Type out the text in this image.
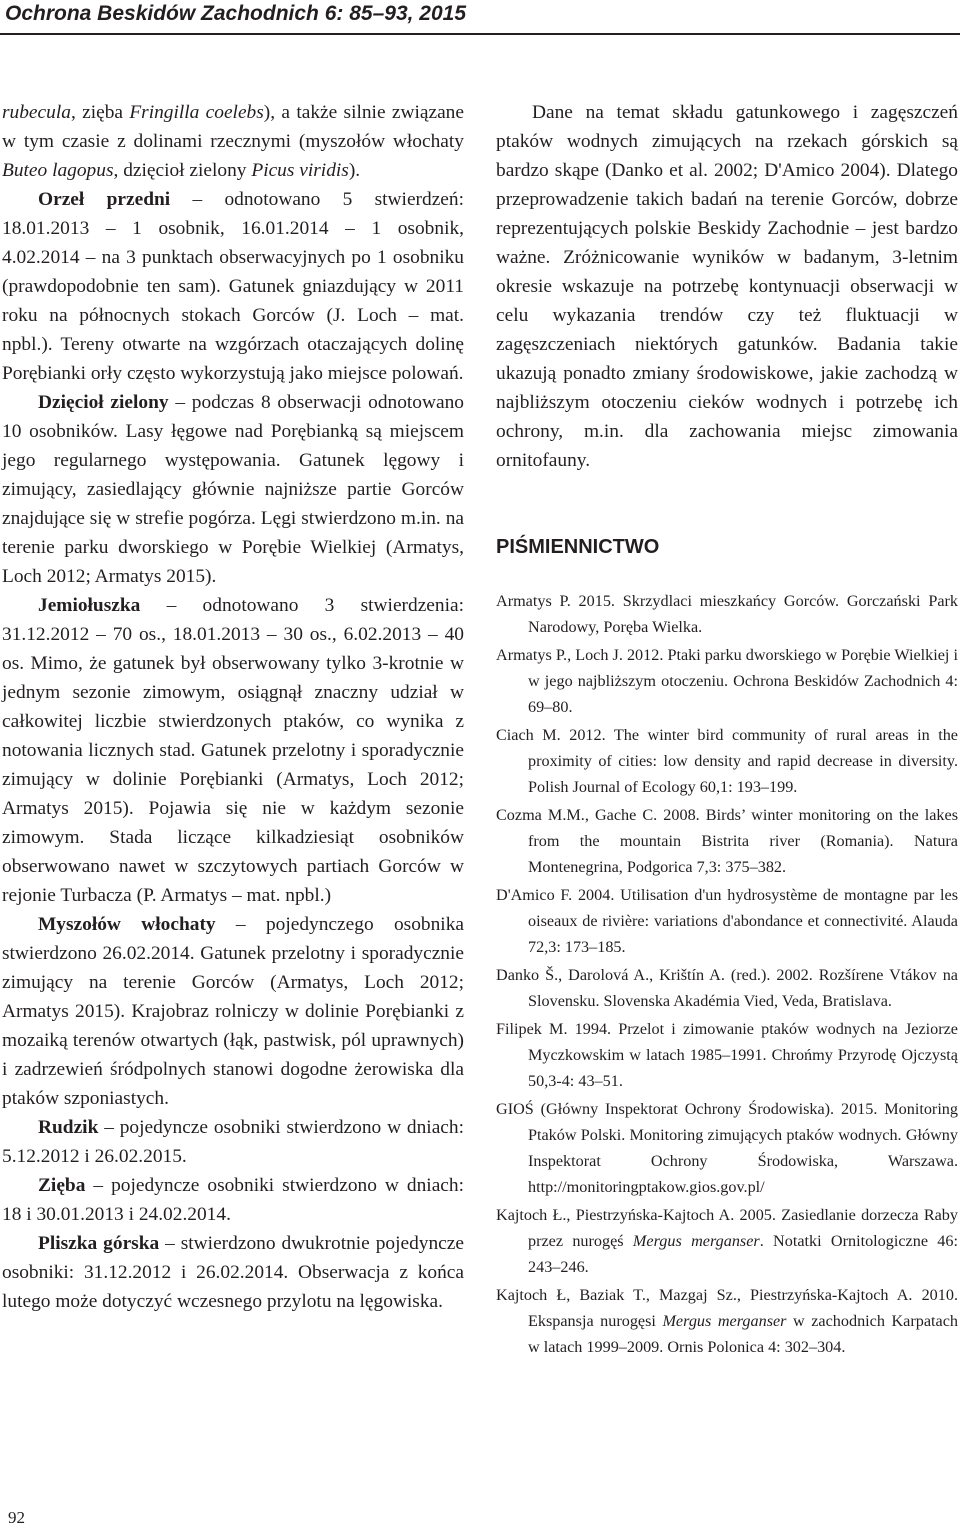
Ochrona Beskidów Zachodnich 6: 85–93, 2015

rubecula, zięba Fringilla coelebs), a także silnie związane w tym czasie z dolinami rzecznymi (myszołów włochaty Buteo lagopus, dzięcioł zielony Picus viridis).

Orzeł przedni – odnotowano 5 stwierdzeń: 18.01.2013 – 1 osobnik, 16.01.2014 – 1 osobnik, 4.02.2014 – na 3 punktach obserwacyjnych po 1 osobniku (prawdopodobnie ten sam). Gatunek gniazdujący w 2011 roku na północnych stokach Gorców (J. Loch – mat. npbl.). Tereny otwarte na wzgórzach otaczających dolinę Porębianki orły często wykorzystują jako miejsce polowań.

Dzięcioł zielony – podczas 8 obserwacji odnotowano 10 osobników. Lasy łęgowe nad Porębianką są miejscem jego regularnego występowania. Gatunek lęgowy i zimujący, zasiedlający głównie najniższe partie Gorców znajdujące się w strefie pogórza. Lęgi stwierdzono m.in. na terenie parku dworskiego w Porębie Wielkiej (Armatys, Loch 2012; Armatys 2015).

Jemiołuszka – odnotowano 3 stwierdzenia: 31.12.2012 – 70 os., 18.01.2013 – 30 os., 6.02.2013 – 40 os. Mimo, że gatunek był obserwowany tylko 3-krotnie w jednym sezonie zimowym, osiągnął znaczny udział w całkowitej liczbie stwierdzonych ptaków, co wynika z notowania licznych stad. Gatunek przelotny i sporadycznie zimujący w dolinie Porębianki (Armatys, Loch 2012; Armatys 2015). Pojawia się nie w każdym sezonie zimowym. Stada liczące kilkadziesiąt osobników obserwowano nawet w szczytowych partiach Gorców w rejonie Turbacza (P. Armatys – mat. npbl.)

Myszołów włochaty – pojedynczego osobnika stwierdzono 26.02.2014. Gatunek przelotny i sporadycznie zimujący na terenie Gorców (Armatys, Loch 2012; Armatys 2015). Krajobraz rolniczy w dolinie Porębianki z mozaiką terenów otwartych (łąk, pastwisk, pól uprawnych) i zadrzewień śródpolnych stanowi dogodne żerowiska dla ptaków szponiastych.

Rudzik – pojedyncze osobniki stwierdzono w dniach: 5.12.2012 i 26.02.2015.

Zięba – pojedyncze osobniki stwierdzono w dniach: 18 i 30.01.2013 i 24.02.2014.

Pliszka górska – stwierdzono dwukrotnie pojedyncze osobniki: 31.12.2012 i 26.02.2014. Obserwacja z końca lutego może dotyczyć wczesnego przylotu na lęgowiska.

Dane na temat składu gatunkowego i zagęszczeń ptaków wodnych zimujących na rzekach górskich są bardzo skąpe (Danko et al. 2002; D'Amico 2004). Dlatego przeprowadzenie takich badań na terenie Gorców, dobrze reprezentujących polskie Beskidy Zachodnie – jest bardzo ważne. Zróżnicowanie wyników w badanym, 3-letnim okresie wskazuje na potrzebę kontynuacji obserwacji w celu wykazania trendów czy też fluktuacji w zagęszczeniach niektórych gatunków. Badania takie ukazują ponadto zmiany środowiskowe, jakie zachodzą w najbliższym otoczeniu cieków wodnych i potrzebę ich ochrony, m.in. dla zachowania miejsc zimowania ornitofauny.

PIŚMIENNICTWO

Armatys P. 2015. Skrzydlaci mieszkańcy Gorców. Gorczański Park Narodowy, Poręba Wielka.

Armatys P., Loch J. 2012. Ptaki parku dworskiego w Porębie Wielkiej i w jego najbliższym otoczeniu. Ochrona Beskidów Zachodnich 4: 69–80.

Ciach M. 2012. The winter bird community of rural areas in the proximity of cities: low density and rapid decrease in diversity. Polish Journal of Ecology 60,1: 193–199.

Cozma M.M., Gache C. 2008. Birds’ winter monitoring on the lakes from the mountain Bistrita river (Romania). Natura Montenegrina, Podgorica 7,3: 375–382.

D'Amico F. 2004. Utilisation d'un hydrosystème de montagne par les oiseaux de rivière: variations d'abondance et connectivité. Alauda 72,3: 173–185.

Danko Š., Darolová A., Krištín A. (red.). 2002. Rozšírene Vtákov na Slovensku. Slovenska Akadémia Vied, Veda, Bratislava.

Filipek M. 1994. Przelot i zimowanie ptaków wodnych na Jeziorze Myczkowskim w latach 1985–1991. Chrońmy Przyrodę Ojczystą 50,3-4: 43–51.

GIOŚ (Główny Inspektorat Ochrony Środowiska). 2015. Monitoring Ptaków Polski. Monitoring zimujących ptaków wodnych. Główny Inspektorat Ochrony Środowiska, Warszawa. http://monitoringptakow.gios.gov.pl/

Kajtoch Ł., Piestrzyńska-Kajtoch A. 2005. Zasiedlanie dorzecza Raby przez nurogęś Mergus merganser. Notatki Ornitologiczne 46: 243–246.

Kajtoch Ł, Baziak T., Mazgaj Sz., Piestrzyńska-Kajtoch A. 2010. Ekspansja nurogęsi Mergus merganser w zachodnich Karpatach w latach 1999–2009. Ornis Polonica 4: 302–304.

92
